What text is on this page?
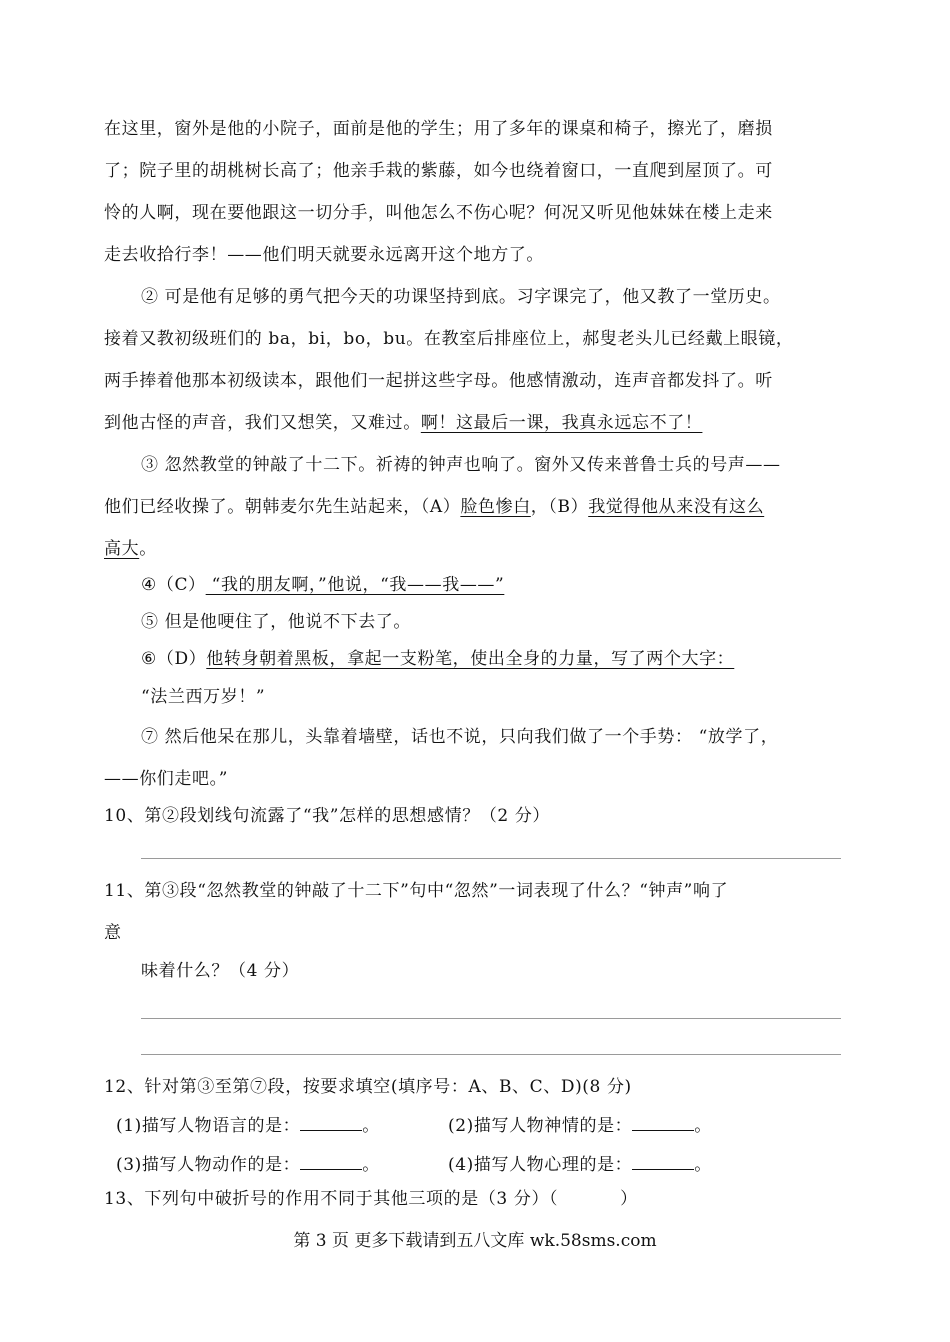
在这里，窗外是他的小院子，面前是他的学生；用了多年的课桌和椅子，擦光了，磨损
了；院子里的胡桃树长高了；他亲手栽的紫藤，如今也绕着窗口，一直爬到屋顶了。可
怜的人啊，现在要他跟这一切分手，叫他怎么不伤心呢？何况又听见他妹妹在楼上走来
走去收拾行李！——他们明天就要永远离开这个地方了。
② 可是他有足够的勇气把今天的功课坚持到底。习字课完了，他又教了一堂历史。
接着又教初级班们的 ba，bi，bo，bu。在教室后排座位上，郝叟老头儿已经戴上眼镜，
两手捧着他那本初级读本，跟他们一起拼这些字母。他感情激动，连声音都发抖了。听
到他古怪的声音，我们又想笑，又难过。啊！这最后一课，我真永远忘不了！
③ 忽然教堂的钟敲了十二下。祈祷的钟声也响了。窗外又传来普鲁士兵的号声——
他们已经收操了。朝韩麦尔先生站起来，（A）脸色惨白，（B）我觉得他从来没有这么
高大。
④（C） “我的朋友啊，”他说，“我——我——”
⑤ 但是他哽住了，他说不下去了。
⑥（D）他转身朝着黑板，拿起一支粉笔，使出全身的力量，写了两个大字：
“法兰西万岁！”
⑦ 然后他呆在那儿，头靠着墙壁，话也不说，只向我们做了一个手势： “放学了，
——你们走吧。”
10、第②段划线句流露了“我”怎样的思想感情？（2 分）
11、第③段“忽然教堂的钟敲了十二下”句中“忽然”一词表现了什么？“钟声”响了
意
味着什么？（4 分）
12、针对第③至第⑦段，按要求填空(填序号：A、B、C、D)(8 分)
(1)描写人物语言的是：	。	(2)描写人物神情的是：	。
(3)描写人物动作的是：	。	(4)描写人物心理的是：	。
13、下列句中破折号的作用不同于其他三项的是（3 分）（	）
第 3 页 更多下载请到五八文库 wk.58sms.com
